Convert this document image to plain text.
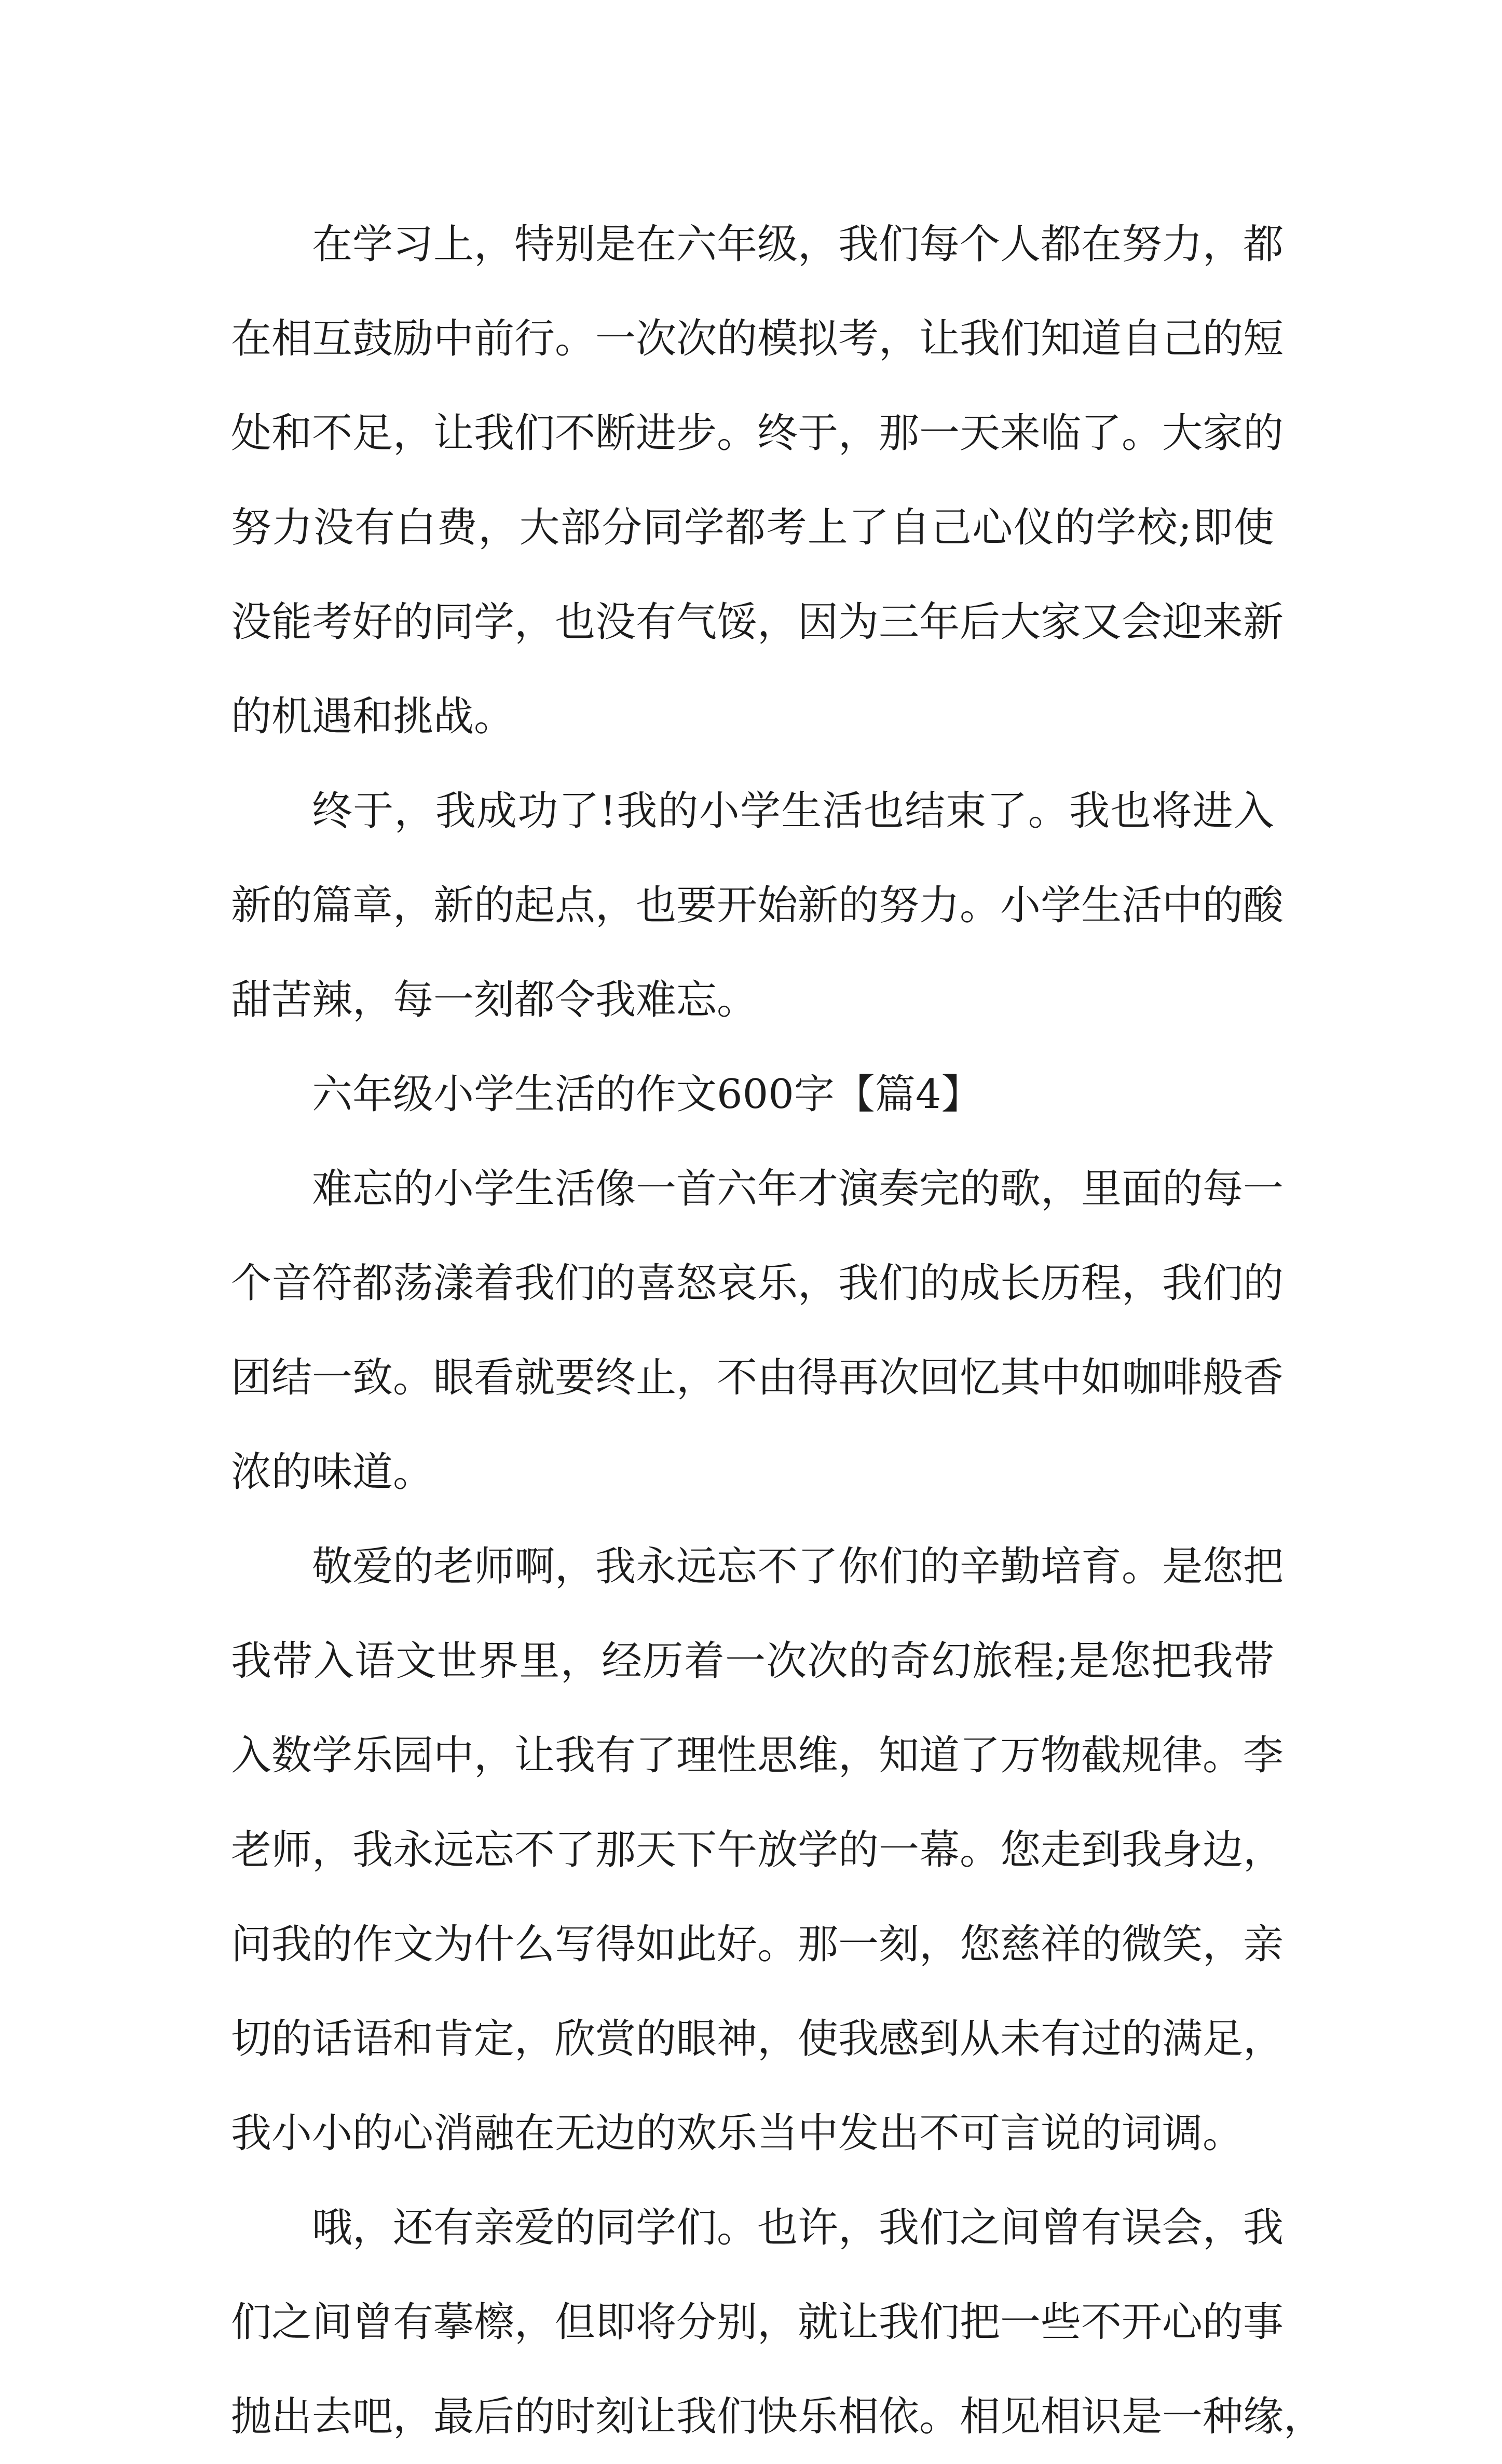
在学习上，特别是在六年级，我们每个人都在努力，都
在相互鼓励中前行。一次次的模拟考，让我们知道自己的短
处和不足，让我们不断进步。终于，那一天来临了。大家的
努力没有白费，大部分同学都考上了自己心仪的学校;即使
没能考好的同学，也没有气馁，因为三年后大家又会迎来新
的机遇和挑战。
终于，我成功了!我的小学生活也结束了。我也将进入
新的篇章，新的起点，也要开始新的努力。小学生活中的酸
甜苦辣，每一刻都令我难忘。
六年级小学生活的作文600字【篇4】
难忘的小学生活像一首六年才演奏完的歌，里面的每一
个音符都荡漾着我们的喜怒哀乐，我们的成长历程，我们的
团结一致。眼看就要终止，不由得再次回忆其中如咖啡般香
浓的味道。
敬爱的老师啊，我永远忘不了你们的辛勤培育。是您把
我带入语文世界里，经历着一次次的奇幻旅程;是您把我带
入数学乐园中，让我有了理性思维，知道了万物截规律。李
老师，我永远忘不了那天下午放学的一幕。您走到我身边，
问我的作文为什么写得如此好。那一刻，您慈祥的微笑，亲
切的话语和肯定，欣赏的眼神，使我感到从未有过的满足，
我小小的心消融在无边的欢乐当中发出不可言说的词调。
哦，还有亲爱的同学们。也许，我们之间曾有误会，我
们之间曾有摹檫，但即将分别，就让我们把一些不开心的事
抛出去吧，最后的时刻让我们快乐相依。相见相识是一种缘，
